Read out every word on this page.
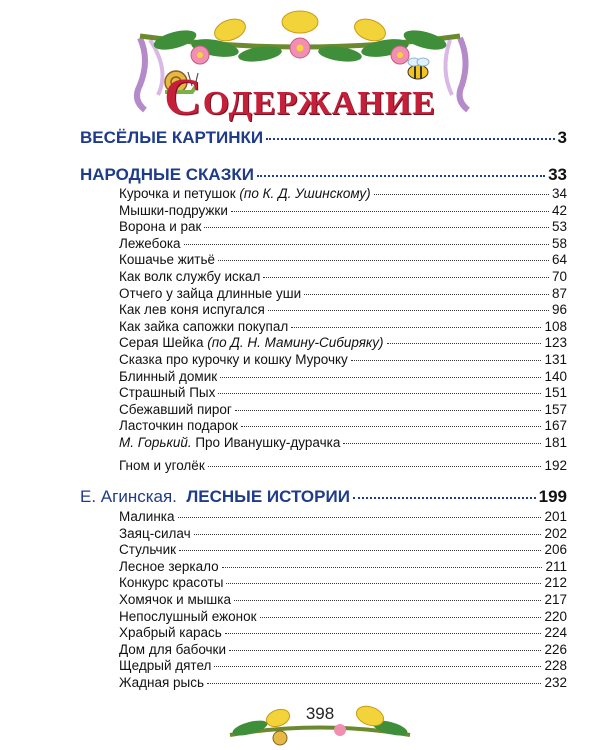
СОДЕРЖАНИЕ
ВЕСЁЛЫЕ КАРТИНКИ	3
НАРОДНЫЕ СКАЗКИ	33
Курочка и петушок (по К. Д. Ушинскому)	34
Мышки-подружки	42
Ворона и рак	53
Лежебока	58
Кошачье житьё	64
Как волк службу искал	70
Отчего у зайца длинные уши	87
Как лев коня испугался	96
Как зайка сапожки покупал	108
Серая Шейка (по Д. Н. Мамину-Сибиряку)	123
Сказка про курочку и кошку Мурочку	131
Блинный домик	140
Страшный Пых	151
Сбежавший пирог	157
Ласточкин подарок	167
М. Горький. Про Иванушку-дурачка	181
Гном и уголёк	192
Е. Агинская.  ЛЕСНЫЕ ИСТОРИИ	199
Малинка	201
Заяц-силач	202
Стульчик	206
Лесное зеркало	211
Конкурс красоты	212
Хомячок и мышка	217
Непослушный ежонок	220
Храбрый карась	224
Дом для бабочки	226
Щедрый дятел	228
Жадная рысь	232
398
